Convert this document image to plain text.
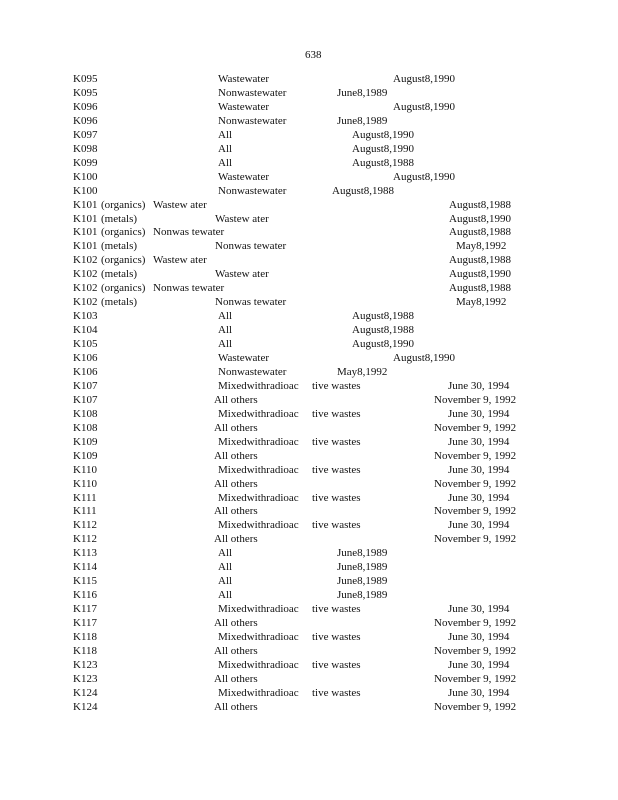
638
K095	Wastewater	August8,1990
K095	Nonwastewater	June8,1989
K096	Wastewater	August8,1990
K096	Nonwastewater	June8,1989
K097	All	August8,1990
K098	All	August8,1990
K099	All	August8,1988
K100	Wastewater	August8,1990
K100	Nonwastewater	August8,1988
K101 (organics) Wastew ater	August8,1988
K101 (metals)	Wastew ater	August8,1990
K101 (organics) Nonwas tewater	August8,1988
K101 (metals)	Nonwas tewater	May8,1992
K102 (organics) Wastew ater	August8,1988
K102 (metals)	Wastew ater	August8,1990
K102 (organics) Nonwas tewater	August8,1988
K102 (metals)	Nonwas tewater	May8,1992
K103	All	August8,1988
K104	All	August8,1988
K105	All	August8,1990
K106	Wastewater	August8,1990
K106	Nonwastewater	May8,1992
K107	Mixedwithradioac tive wastes	June 30, 1994
K107	All others	November 9, 1992
K108	Mixedwithradioac tive wastes	June 30, 1994
K108	All others	November 9, 1992
K109	Mixedwithradioac tive wastes	June 30, 1994
K109	All others	November 9, 1992
K110	Mixedwithradioac tive wastes	June 30, 1994
K110	All others	November 9, 1992
K111	Mixedwithradioac tive wastes	June 30, 1994
K111	All others	November 9, 1992
K112	Mixedwithradioac tive wastes	June 30, 1994
K112	All others	November 9, 1992
K113	All	June8,1989
K114	All	June8,1989
K115	All	June8,1989
K116	All	June8,1989
K117	Mixedwithradioac tive wastes	June 30, 1994
K117	All others	November 9, 1992
K118	Mixedwithradioac tive wastes	June 30, 1994
K118	All others	November 9, 1992
K123	Mixedwithradioac tive wastes	June 30, 1994
K123	All others	November 9, 1992
K124	Mixedwithradioac tive wastes	June 30, 1994
K124	All others	November 9, 1992
